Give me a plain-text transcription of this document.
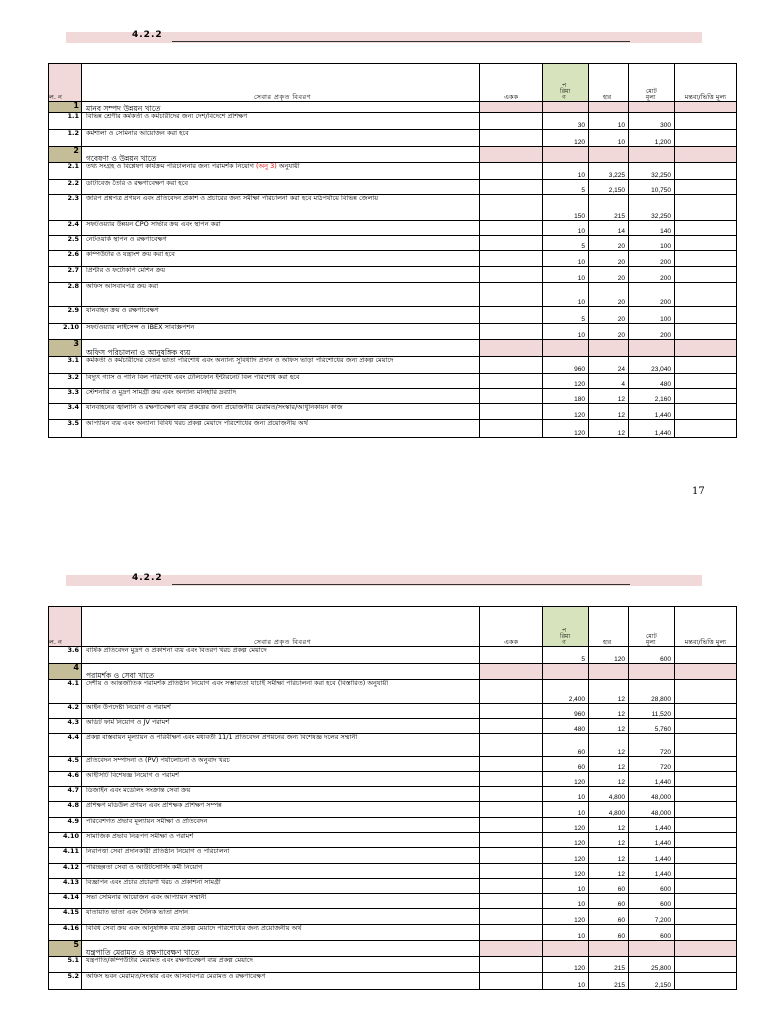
4.2.2
ল. ন	সেবার প্রকৃত বিবরণ	একক	পরিমাণ	হার	মোট মূল্য	মন্তব্য/ভিত্তি মূল্য
1	মানব সম্পদ উন্নয়ন খাতে					
1.1	বিভিন্ন শ্রেণীর কর্মকর্তা ও কর্মচারীদের জন্য দেশ/বিদেশে প্রশিক্ষণ		30	10	300	
1.2	কর্মশালা ও সেমিনার আয়োজন করা হবে		120	10	1,200	
2	গবেষণা ও উন্নয়ন খাতে					
2.1	তথ্য সংগ্রহ ও বিশ্লেষণ কার্যক্রম পরিচালনার জন্য পরামর্শক নিয়োগ (অনু 3) অনুযায়ী		10	3,225	32,250	
2.2	ডাটাবেজ তৈরি ও রক্ষণাবেক্ষণ করা হবে		5	2,150	10,750	
2.3	জরিপ প্রশ্নপত্র প্রণয়ন এবং প্রতিবেদন প্রকাশ ও প্রচারের জন্য সমীক্ষা পরিচালনা করা হবে মাঠপর্যায়ে বিভিন্ন জেলায়		150	215	32,250	
2.4	সফটওয়্যার উন্নয়ন CPO সার্ভার ক্রয় এবং স্থাপন করা		10	14	140	
2.5	নেটওয়ার্ক স্থাপন ও রক্ষণাবেক্ষণ		5	20	100	
2.6	কম্পিউটার ও যন্ত্রাংশ ক্রয় করা হবে		10	20	200	
2.7	প্রিন্টার ও ফটোকপি মেশিন ক্রয়		10	20	200	
2.8	অফিস আসবাবপত্র ক্রয় করা		10	20	200	
2.9	যানবাহন ক্রয় ও রক্ষণাবেক্ষণ		5	20	100	
2.10	সফটওয়্যার লাইসেন্স ও IBEX সাবস্ক্রিপশন		10	20	200	
3	অফিস পরিচালনা ও আনুষঙ্গিক ব্যয়					
3.1	কর্মকর্তা ও কর্মচারীদের বেতন ভাতা পরিশোধ এবং অন্যান্য সুবিধাদি প্রদান ও অফিস ভাড়া পরিশোধের জন্য প্রকল্প মেয়াদে		960	24	23,040	
3.2	বিদ্যুৎ গ্যাস ও পানি বিল পরিশোধ এবং টেলিফোন ইন্টারনেট বিল পরিশোধ করা হবে		120	4	480	
3.3	স্টেশনারি ও মুদ্রণ সামগ্রী ক্রয় এবং অন্যান্য মনিহারি দ্রব্যাদি		180	12	2,160	
3.4	যানবাহনের জ্বালানি ও রক্ষণাবেক্ষণ ব্যয় প্রকল্পের জন্য প্রয়োজনীয় মেরামত/সংস্কার/আধুনিকায়ন কাজ		120	12	1,440	
3.5	আপ্যায়ন ব্যয় এবং অন্যান্য বিবিধ খরচ প্রকল্প মেয়াদে পরিশোধের জন্য প্রয়োজনীয় অর্থ		120	12	1,440	
17
4.2.2
ল. ন	সেবার প্রকৃত বিবরণ	একক	পরিমাণ	হার	মোট মূল্য	মন্তব্য/ভিত্তি মূল্য
3.6	বার্ষিক প্রতিবেদন মুদ্রণ ও প্রকাশনা ব্যয় এবং বিতরণ খরচ প্রকল্প মেয়াদে		5	120	600	
4	পরামর্শক ও সেবা খাতে					
4.1	দেশীয় ও আন্তর্জাতিক পরামর্শক প্রতিষ্ঠান নিয়োগ এবং সম্ভাব্যতা যাচাই সমীক্ষা পরিচালনা করা হবে (বিস্তারিত) অনুযায়ী		2,400	12	28,800	
4.2	আইন উপদেষ্টা নিয়োগ ও পরামর্শ		960	12	11,520	
4.3	অডিট ফার্ম নিয়োগ ও JV পরামর্শ		480	12	5,760	
4.4	প্রকল্প বাস্তবায়ন মূল্যায়ন ও পরিবীক্ষণ এবং মধ্যবর্তী 11/1 প্রতিবেদন প্রণয়নের জন্য বিশেষজ্ঞ দলের সম্মানী		60	12	720	
4.5	প্রতিবেদন সম্পাদনা ও (PV) পর্যালোচনা ও অনুবাদ খরচ		60	12	720	
4.6	আইসিটি বিশেষজ্ঞ নিয়োগ ও পরামর্শ		120	12	1,440	
4.7	ডিজাইন এবং মডেলিং সংক্রান্ত সেবা ক্রয়		10	4,800	48,000	
4.8	প্রশিক্ষণ মডিউল প্রণয়ন এবং প্রশিক্ষক প্রশিক্ষণ সম্পন্ন		10	4,800	48,000	
4.9	পরিবেশগত প্রভাব মূল্যায়ন সমীক্ষা ও প্রতিবেদন		120	12	1,440	
4.10	সামাজিক প্রভাব নিরূপণ সমীক্ষা ও পরামর্শ		120	12	1,440	
4.11	নিরাপত্তা সেবা প্রদানকারী প্রতিষ্ঠান নিয়োগ ও পরিচালনা		120	12	1,440	
4.12	পরিচ্ছন্নতা সেবা ও আউটসোর্সিং কর্মী নিয়োগ		120	12	1,440	
4.13	বিজ্ঞাপন এবং প্রচার প্রচারণা খরচ ও প্রকাশনা সামগ্রী		10	60	600	
4.14	সভা সেমিনার আয়োজন এবং আপ্যায়ন সম্মানী		10	60	600	
4.15	যাতায়াত ভাতা এবং দৈনিক ভাতা প্রদান		120	60	7,200	
4.16	বিবিধ সেবা ক্রয় এবং আনুষঙ্গিক ব্যয় প্রকল্প মেয়াদে পরিশোধের জন্য প্রয়োজনীয় অর্থ		10	60	600	
5	যন্ত্রপাতি মেরামত ও রক্ষণাবেক্ষণ খাতে					
5.1	যন্ত্রপাতি/কম্পিউটার মেরামত এবং রক্ষণাবেক্ষণ ব্যয় প্রকল্প মেয়াদে		120	215	25,800	
5.2	অফিস ভবন মেরামত/সংস্কার এবং আসবাবপত্র মেরামত ও রক্ষণাবেক্ষণ		10	215	2,150	
